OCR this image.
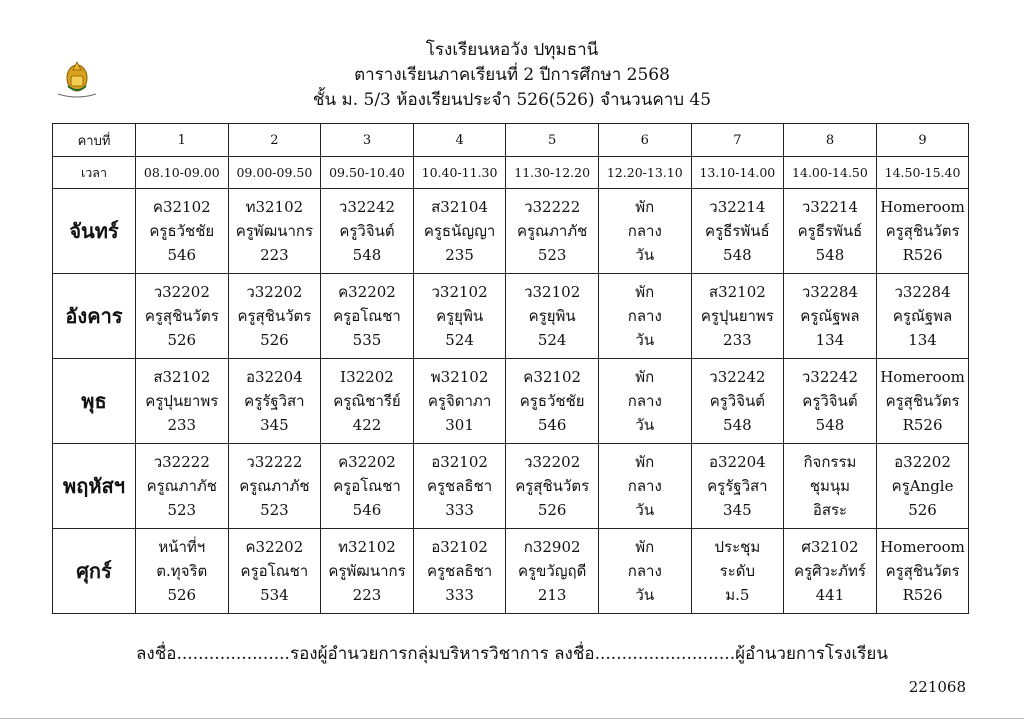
โรงเรียนหอวัง ปทุมธานี
ตารางเรียนภาคเรียนที่ 2 ปีการศึกษา 2568
ชั้น ม. 5/3 ห้องเรียนประจำ 526(526) จำนวนคาบ 45
คาบที่	1	2	3	4	5	6	7	8	9
เวลา	08.10-09.00	09.00-09.50	09.50-10.40	10.40-11.30	11.30-12.20	12.20-13.10	13.10-14.00	14.00-14.50	14.50-15.40
จันทร์	ค32102
ครูธวัชชัย
546	ท32102
ครูพัฒนากร
223	ว32242
ครูวิจินต์
548	ส32104
ครูธนัญญา
235	ว32222
ครูณภาภัช
523	พัก
กลาง
วัน	ว32214
ครูธีรพันธ์
548	ว32214
ครูธีรพันธ์
548	Homeroom
ครูสุชินวัตร
R526

อังคาร	ว32202
ครูสุชินวัตร
526	ว32202
ครูสุชินวัตร
526	ค32202
ครูอโณชา
535	ว32102
ครูยุพิน
524	ว32102
ครูยุพิน
524	พัก
กลาง
วัน	ส32102
ครูปุนยาพร
233	ว32284
ครูณัฐพล
134	ว32284
ครูณัฐพล
134

พุธ	ส32102
ครูปุนยาพร
233	อ32204
ครูรัฐวิสา
345	I32202
ครูณิชารีย์
422	พ32102
ครูจิดาภา
301	ค32102
ครูธวัชชัย
546	พัก
กลาง
วัน	ว32242
ครูวิจินต์
548	ว32242
ครูวิจินต์
548	Homeroom
ครูสุชินวัตร
R526

พฤหัสฯ	ว32222
ครูณภาภัช
523	ว32222
ครูณภาภัช
523	ค32202
ครูอโณชา
546	อ32102
ครูชลธิชา
333	ว32202
ครูสุชินวัตร
526	พัก
กลาง
วัน	อ32204
ครูรัฐวิสา
345	กิจกรรม
ชุมนุม
อิสระ	อ32202
ครูAngle
526

ศุกร์	หน้าที่ฯ
ต.ทุจริต
526	ค32202
ครูอโณชา
534	ท32102
ครูพัฒนากร
223	อ32102
ครูชลธิชา
333	ก32902
ครูขวัญฤดี
213	พัก
กลาง
วัน	ประชุม
ระดับ
ม.5	ศ32102
ครูศิวะภัทร์
441	Homeroom
ครูสุชินวัตร
R526
ลงชื่อ.....................รองผู้อำนวยการกลุ่มบริหารวิชาการ ลงชื่อ..........................ผู้อำนวยการโรงเรียน
221068
